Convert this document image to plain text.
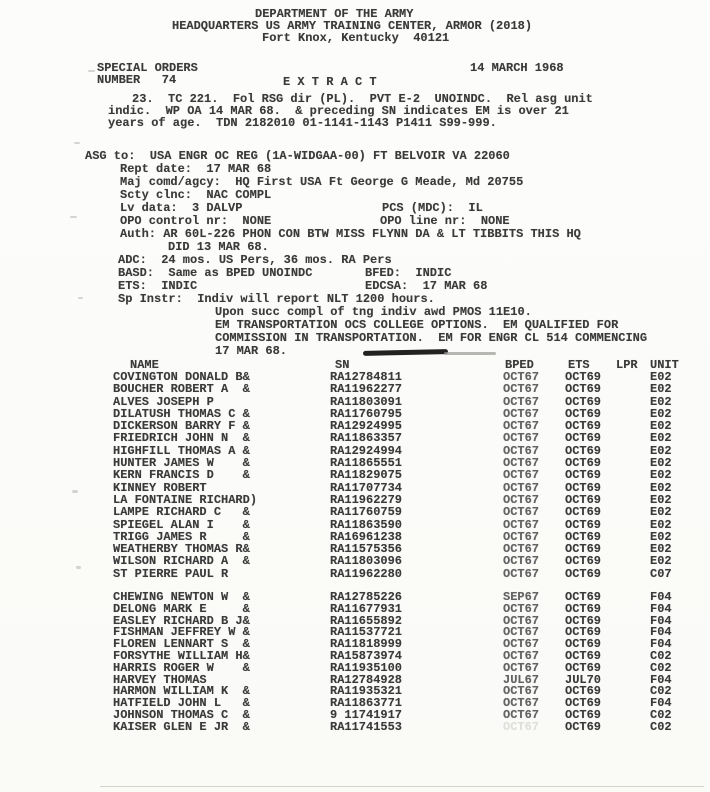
DEPARTMENT OF THE ARMY
HEADQUARTERS US ARMY TRAINING CENTER, ARMOR (2018)
Fort Knox, Kentucky  40121
SPECIAL ORDERS	14 MARCH 1968
NUMBER   74	E X T R A C T
23.  TC 221.  Fol RSG dir (PL).  PVT E-2  UNOINDC.  Rel asg unit
indic.  WP OA 14 MAR 68.  & preceding SN indicates EM is over 21
years of age.  TDN 2182010 01-1141-1143 P1411 S99-999.
ASG to:  USA ENGR OC REG (1A-WIDGAA-00) FT BELVOIR VA 22060
Rept date:  17 MAR 68
Maj comd/agcy:  HQ First USA Ft George G Meade, Md 20755
Scty clnc:  NAC COMPL
Lv data:  3 DALVP	PCS (MDC):  IL
OPO control nr:  NONE	OPO line nr:  NONE
Auth: AR 60L-226 PHON CON BTW MISS FLYNN DA & LT TIBBITS THIS HQ
DID 13 MAR 68.
ADC:  24 mos. US Pers, 36 mos. RA Pers
BASD:  Same as BPED UNOINDC	BFED:  INDIC
ETS:  INDIC	EDCSA:  17 MAR 68
Sp Instr:  Indiv will report NLT 1200 hours.
Upon succ compl of tng indiv awd PMOS 11E10.
EM TRANSPORTATION OCS COLLEGE OPTIONS.  EM QUALIFIED FOR
COMMISSION IN TRANSPORTATION.  EM FOR ENGR CL 514 COMMENCING
17 MAR 68.
NAME	SN	BPED	ETS LPR UNIT
COVINGTON DONALD B&	RA12784811	OCT67 OCT69	E02
BOUCHER ROBERT A  &	RA11962277	OCT67 OCT69	E02
ALVES JOSEPH P	RA11803091	OCT67 OCT69	E02
DILATUSH THOMAS C &	RA11760795	OCT67 OCT69	E02
DICKERSON BARRY F &	RA12924995	OCT67 OCT69	E02
FRIEDRICH JOHN N  &	RA11863357	OCT67 OCT69	E02
HIGHFILL THOMAS A &	RA12924994	OCT67 OCT69	E02
HUNTER JAMES W    &	RA11865551	OCT67 OCT69	E02
KERN FRANCIS D    &	RA11829075	OCT67 OCT69	E02
KINNEY ROBERT	RA11707734	OCT67 OCT69	E02
LA FONTAINE RICHARD)	RA11962279	OCT67 OCT69	E02
LAMPE RICHARD C   &	RA11760759	OCT67 OCT69	E02
SPIEGEL ALAN I    &	RA11863590	OCT67 OCT69	E02
TRIGG JAMES R     &	RA16961238	OCT67 OCT69	E02
WEATHERBY THOMAS R&	RA11575356	OCT67 OCT69	E02
WILSON RICHARD A  &	RA11803096	OCT67 OCT69	E02
ST PIERRE PAUL R	RA11962280	OCT67 OCT69	C07
CHEWING NEWTON W  &	RA12785226	SEP67 OCT69	F04
DELONG MARK E     &	RA11677931	OCT67 OCT69	F04
EASLEY RICHARD B J&	RA11655892	OCT67 OCT69	F04
FISHMAN JEFFREY W &	RA11537721	OCT67 OCT69	F04
FLOREN LENNART S  &	RA11818999	OCT67 OCT69	F04
FORSYTHE WILLIAM H&	RA15873974	OCT67 OCT69	C02
HARRIS ROGER W    &	RA11935100	OCT67 OCT69	C02
HARVEY THOMAS	RA12784928	JUL67 JUL70	F04
HARMON WILLIAM K  &	RA11935321	OCT67 OCT69	C02
HATFIELD JOHN L   &	RA11863771	OCT67 OCT69	F04
JOHNSON THOMAS C  &	9 11741917	OCT67 OCT69	C02
KAISER GLEN E JR  &	RA11741553	OCT67 OCT69	C02
